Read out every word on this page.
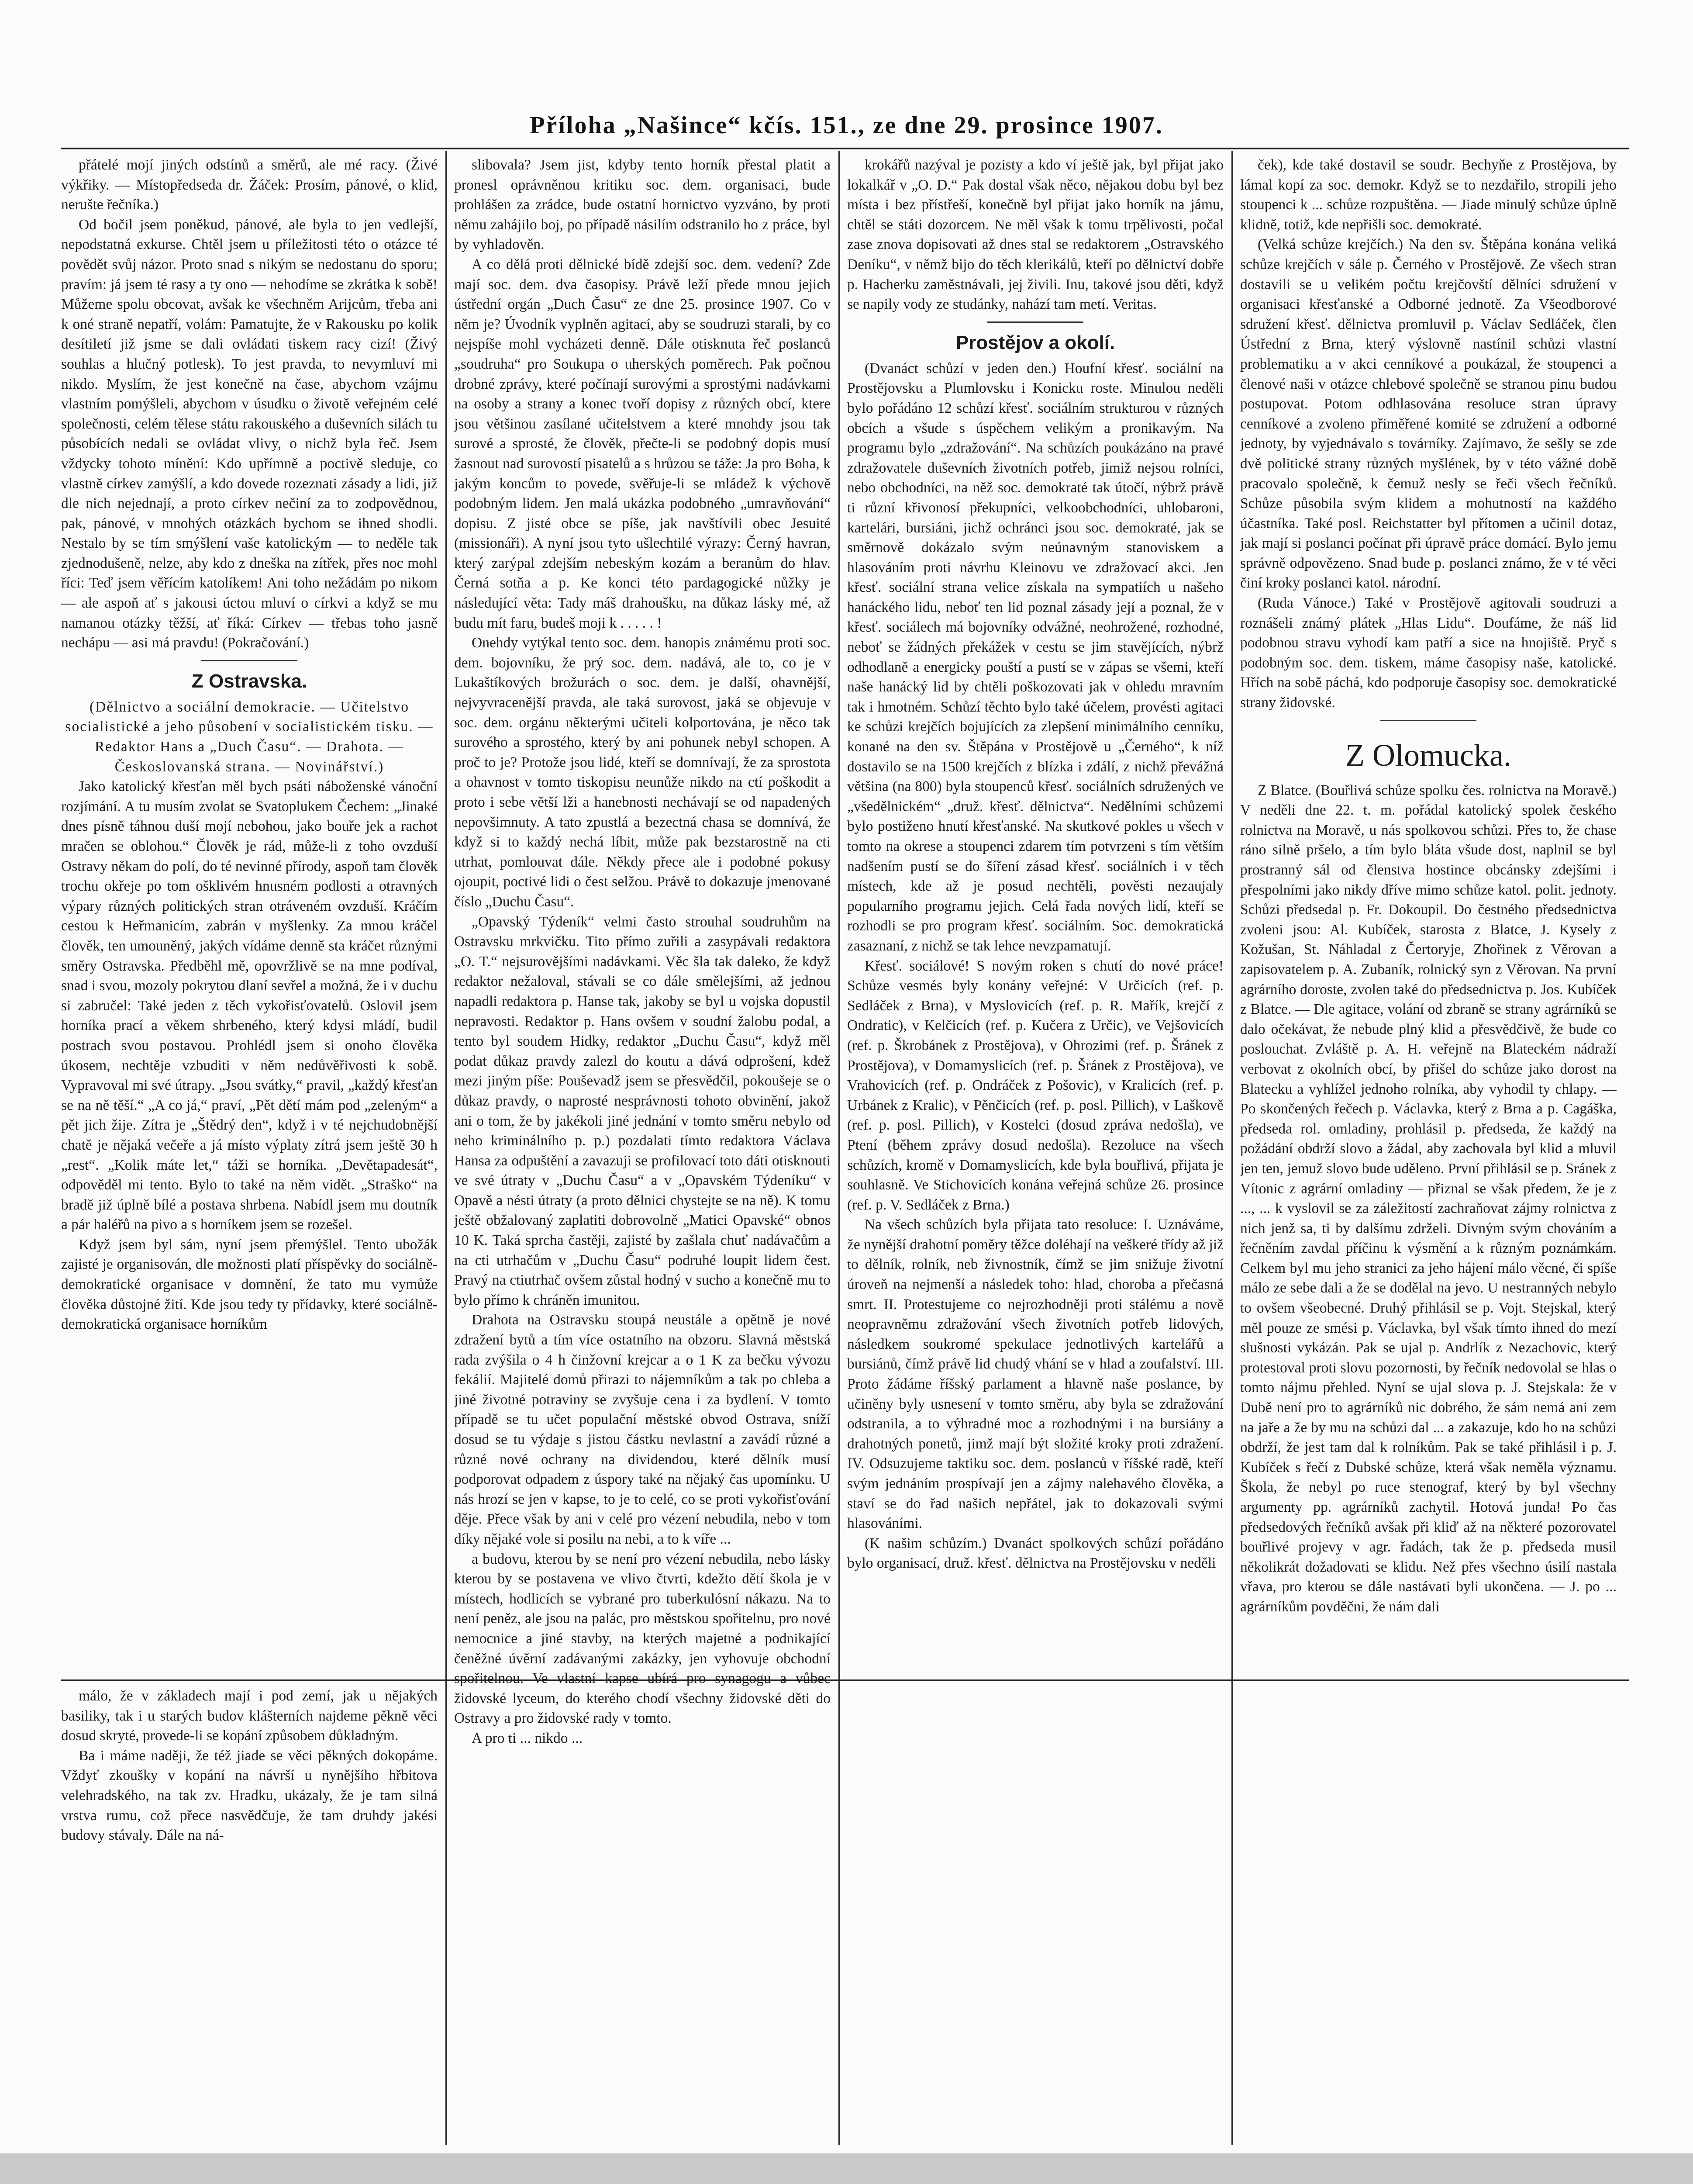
Příloha „Našince“ kčís. 151., ze dne 29. prosince 1907.

přátelé mojí jiných odstínů a směrů, ale mé racy. (Živé výkřiky. — Místopředseda dr. Žáček: Prosím, pánové, o klid, nerušte řečníka.)

Od bočil jsem poněkud, pánové, ale byla to jen vedlejší, nepodstatná exkurse. Chtěl jsem u příležitosti této o otázce té povědět svůj názor. Proto snad s nikým se nedostanu do sporu; pravím: já jsem té rasy a ty ono — nehodíme se zkrátka k sobě! Můžeme spolu obcovat, avšak ke všechněm Arijcům, třeba ani k oné straně nepatří, volám: Pamatujte, že v Rakousku po kolik desítiletí již jsme se dali ovládati tiskem racy cizí! (Živý souhlas a hlučný potlesk). To jest pravda, to nevymluví mi nikdo. Myslím, že jest konečně na čase, abychom vzájmu vlastním pomýšleli, abychom v úsudku o životě veřejném celé společnosti, celém tělese státu rakouského a duševních silách tu působících nedali se ovládat vlivy, o nichž byla řeč. Jsem vždycky tohoto mínění: Kdo upřímně a poctivě sleduje, co vlastně církev zamýšlí, a kdo dovede rozeznati zásady a lidi, již dle nich nejednají, a proto církev nečiní za to zodpovědnou, pak, pánové, v mnohých otázkách bychom se ihned shodli. Nestalo by se tím smýšlení vaše katolickým — to neděle tak zjednodušeně, nelze, aby kdo z dneška na zítřek, přes noc mohl říci: Teď jsem věřícím katolíkem! Ani toho nežádám po nikom — ale aspoň ať s jakousi úctou mluví o církvi a když se mu namanou otázky těžší, ať říká: Církev — třebas toho jasně nechápu — asi má pravdu! (Pokračování.)

Z Ostravska.

(Dělnictvo a sociální demokracie. — Učitelstvo socialistické a jeho působení v socialistickém tisku. — Redaktor Hans a „Duch Času“. — Drahota. — Českoslovanská strana. — Novinářství.)

Jako katolický křesťan měl bych psáti náboženské vánoční rozjímání. A tu musím zvolat se Svatoplukem Čechem: „Jinaké dnes písně táhnou duší mojí nebohou, jako bouře jek a rachot mračen se oblohou.“ Člověk je rád, může-li z toho ovzduší Ostravy někam do polí, do té nevinné přírody, aspoň tam člověk trochu okřeje po tom ošklivém hnusném podlosti a otravných výpary různých politických stran otráveném ovzduší. Kráčím cestou k Heřmanicím, zabrán v myšlenky. Za mnou kráčel člověk, ten umouněný, jakých vídáme denně sta kráčet různými směry Ostravska. Předběhl mě, opovržlivě se na mne podíval, snad i svou, mozoly pokrytou dlaní sevřel a možná, že i v duchu si zabručel: Také jeden z těch vykořisťovatelů. Oslovil jsem horníka prací a věkem shrbeného, který kdysi mládí, budil postrach svou postavou. Prohlédl jsem si onoho člověka úkosem, nechtěje vzbuditi v něm nedůvěřivosti k sobě. Vypravoval mi své útrapy. „Jsou svátky,“ pravil, „každý křesťan se na ně těší.“ „A co já,“ praví, „Pět dětí mám pod „zeleným“ a pět jich žije. Zítra je „Štědrý den“, když i v té nejchudobnější chatě je nějaká večeře a já místo výplaty zítrá jsem ještě 30 h „rest“. „Kolik máte let,“ táži se horníka. „Devětapadesát“, odpověděl mi tento. Bylo to také na něm vidět. „Straško“ na bradě již úplně bílé a postava shrbena. Nabídl jsem mu doutník a pár haléřů na pivo a s horníkem jsem se rozešel.

Když jsem byl sám, nyní jsem přemýšlel. Tento ubožák zajisté je organisován, dle možnosti platí příspěvky do sociálně-demokratické organisace v domnění, že tato mu vymůže člověka důstojné žití. Kde jsou tedy ty přídavky, které sociálně-demokratická organisace horníkům

málo, že v základech mají i pod zemí, jak u nějakých basiliky, tak i u starých budov klášterních najdeme pěkně věci dosud skryté, provede-li se kopání způsobem důkladným.

Ba i máme naději, že též jiade se věci pěkných dokopáme. Vždyť zkoušky v kopání na návrší u nynějšího hřbitova velehradského, na tak zv. Hradku, ukázaly, že je tam silná vrstva rumu, což přece nasvědčuje, že tam druhdy jakési budovy stávaly. Dále na ná-

slibovala? Jsem jist, kdyby tento horník přestal platit a pronesl oprávněnou kritiku soc. dem. organisaci, bude prohlášen za zrádce, bude ostatní hornictvo vyzváno, by proti němu zahájilo boj, po případě násilím odstranilo ho z práce, byl by vyhladověn.

A co dělá proti dělnické bídě zdejší soc. dem. vedení? Zde mají soc. dem. dva časopisy. Právě leží přede mnou jejich ústřední orgán „Duch Času“ ze dne 25. prosince 1907. Co v něm je? Úvodník vyplněn agitací, aby se soudruzi starali, by co nejspíše mohl vycházeti denně. Dále otisknuta řeč poslanců „soudruha“ pro Soukupa o uherských poměrech. Pak počnou drobné zprávy, které počínají surovými a sprostými nadávkami na osoby a strany a konec tvoří dopisy z různých obcí, ktere jsou většinou zasílané učitelstvem a které mnohdy jsou tak surové a sprosté, že člověk, přečte-li se podobný dopis musí žasnout nad surovostí pisatelů a s hrůzou se táže: Ja pro Boha, k jakým koncům to povede, svěřuje-li se mládež k výchově podobným lidem. Jen malá ukázka podobného „umravňování“ dopisu. Z jisté obce se píše, jak navštívili obec Jesuité (missionáři). A nyní jsou tyto ušlechtilé výrazy: Černý havran, který zarýpal zdejším nebeským kozám a beranům do hlav. Černá sotňa a p. Ke konci této pardagogické nůžky je následující věta: Tady máš drahoušku, na důkaz lásky mé, až budu mít faru, budeš moji k . . . . . !

Onehdy vytýkal tento soc. dem. hanopis známému proti soc. dem. bojovníku, že prý soc. dem. nadává, ale to, co je v Lukaštíkových brožurách o soc. dem. je další, ohavnější, nejvyvracenější pravda, ale taká surovost, jaká se objevuje v soc. dem. orgánu některými učiteli kolportována, je něco tak surového a sprostého, který by ani pohunek nebyl schopen. A proč to je? Protože jsou lidé, kteří se domnívají, že za sprostota a ohavnost v tomto tiskopisu neunůže nikdo na ctí poškodit a proto i sebe větší lži a hanebnosti nechávají se od napadených nepovšimnuty. A tato zpustlá a bezectná chasa se domnívá, že když si to každý nechá líbit, může pak bezstarostně na cti utrhat, pomlouvat dále. Někdy přece ale i podobné pokusy ojoupit, poctivé lidi o čest selžou. Právě to dokazuje jmenované číslo „Duchu Času“.

„Opavský Týdeník“ velmi často strouhal soudruhům na Ostravsku mrkvičku. Tito přímo zuřili a zasypávali redaktora „O. T.“ nejsurovějšími nadávkami. Věc šla tak daleko, že když redaktor nežaloval, stávali se co dále smělejšími, až jednou napadli redaktora p. Hanse tak, jakoby se byl u vojska dopustil nepravosti. Redaktor p. Hans ovšem v soudní žalobu podal, a tento byl soudem Hidky, redaktor „Duchu Času“, když měl podat důkaz pravdy zalezl do koutu a dává odprošení, kdež mezi jiným píše: Pouševadž jsem se přesvědčil, pokoušeje se o důkaz pravdy, o naprosté nesprávnosti tohoto obvinění, jakož ani o tom, že by jakékoli jiné jednání v tomto směru nebylo od neho kriminálního p. p.) pozdalati tímto redaktora Václava Hansa za odpuštění a zavazuji se profilovací toto dáti otisknouti ve své útraty v „Duchu Času“ a v „Opavském Týdeníku“ v Opavě a nésti útraty (a proto dělnici chystejte se na ně). K tomu ještě obžalovaný zaplatiti dobrovolně „Matici Opavské“ obnos 10 K. Taká sprcha častěji, zajisté by zašlala chuť nadávačům a na cti utrhačům v „Duchu Času“ podruhé loupit lidem čest. Pravý na ctiutrhač ovšem zůstal hodný v sucho a konečně mu to bylo přímo k chráněn imunitou.

Drahota na Ostravsku stoupá neustále a opětně je nové zdražení bytů a tím více ostatního na obzoru. Slavná městská rada zvýšila o 4 h činžovní krejcar a o 1 K za bečku vývozu fekálií. Majitelé domů přirazi to nájemníkům a tak po chleba a jiné životné potraviny se zvyšuje cena i za bydlení. V tomto případě se tu učet populační městské obvod Ostrava, sníží dosud se tu výdaje s jistou částku nevlastní a zavádí různé a různé nové ochrany na dividendou, které dělník musí podporovat odpadem z úspory také na nějaký čas upomínku. U nás hrozí se jen v kapse, to je to celé, co se proti vykořisťování děje. Přece však by ani v celé pro vézení nebudila, nebo v tom díky nějaké vole si posilu na nebi, a to k víře ...

a budovu, kterou by se není pro vézení nebudila, nebo lásky kterou by se postavena ve vlivo čtvrti, kdežto dětí škola je v místech, hodlicích se vybrané pro tuberkulósní nákazu. Na to není peněz, ale jsou na palác, pro městskou spořitelnu, pro nové nemocnice a jiné stavby, na kterých majetné a podnikající čeněžné úvěrní zadávanými zakázky, jen vyhovuje obchodní spořitelnou. Ve vlastní kapse ubírá pro synagogu a vůbec židovské lyceum, do kterého chodí všechny židovské děti do Ostravy a pro židovské rady v tomto.

A pro ti ... nikdo ...

krokářů nazýval je pozisty a kdo ví ještě jak, byl přijat jako lokalkář v „O. D.“ Pak dostal však něco, nějakou dobu byl bez místa i bez přístřeší, konečně byl přijat jako horník na jámu, chtěl se státi dozorcem. Ne měl však k tomu trpělivosti, počal zase znova dopisovati až dnes stal se redaktorem „Ostravského Deníku“, v němž bijo do těch klerikálů, kteří po dělnictví dobře p. Hacherku zaměstnávali, jej živili. Inu, takové jsou děti, když se napily vody ze studánky, nahází tam metí. Veritas.

Prostějov a okolí.

(Dvanáct schůzí v jeden den.) Houfní křesť. sociální na Prostějovsku a Plumlovsku i Konicku roste. Minulou neděli bylo pořádáno 12 schůzí křesť. sociálním strukturou v různých obcích a všude s úspěchem velikým a pronikavým. Na programu bylo „zdražování“. Na schůzích poukázáno na pravé zdražovatele duševních životních potřeb, jimiž nejsou rolníci, nebo obchodníci, na něž soc. demokraté tak útočí, nýbrž právě ti různí křivonosí překupníci, velkoobchodníci, uhlobaroni, kartelári, bursiáni, jichž ochránci jsou soc. demokraté, jak se směrnově dokázalo svým neúnavným stanoviskem a hlasováním proti návrhu Kleinovu ve zdražovací akci. Jen křesť. sociální strana velice získala na sympatiích u našeho hanáckého lidu, neboť ten lid poznal zásady její a poznal, že v křesť. sociálech má bojovníky odvážné, neohrožené, rozhodné, neboť se žádných překážek v cestu se jim stavějících, nýbrž odhodlaně a energicky pouští a pustí se v zápas se všemi, kteří naše hanácký lid by chtěli poškozovati jak v ohledu mravním tak i hmotném. Schůzí těchto bylo také účelem, provésti agitaci ke schůzi krejčích bojujících za zlepšení minimálního cenníku, konané na den sv. Štěpána v Prostějově u „Černého“, k níž dostavilo se na 1500 krejčích z blízka i zdálí, z nichž převážná většina (na 800) byla stoupenců křesť. sociálních sdružených ve „všedělnickém“ „druž. křesť. dělnictva“. Nedělními schůzemi bylo postiženo hnutí křesťanské. Na skutkové pokles u všech v tomto na okrese a stoupenci zdarem tím potvrzeni s tím větším nadšením pustí se do šíření zásad křesť. sociálních i v těch místech, kde až je posud nechtěli, pověsti nezaujaly popularního programu jejich. Celá řada nových lidí, kteří se rozhodli se pro program křesť. sociálním. Soc. demokratická zasaznaní, z nichž se tak lehce nevzpamatují.

Křesť. sociálové! S novým roken s chutí do nové práce! Schůze vesmés byly konány veřejné: V Určicích (ref. p. Sedláček z Brna), v Myslovicích (ref. p. R. Mařík, krejčí z Ondratic), v Kelčicích (ref. p. Kučera z Určic), ve Vejšovicích (ref. p. Škrobánek z Prostějova), v Ohrozimi (ref. p. Šránek z Prostějova), v Domamyslicích (ref. p. Šránek z Prostějova), ve Vrahovicích (ref. p. Ondráček z Pošovic), v Kralicích (ref. p. Urbánek z Kralic), v Pěnčicích (ref. p. posl. Pillich), v Laškově (ref. p. posl. Pillich), v Kostelci (dosud zpráva nedošla), ve Ptení (během zprávy dosud nedošla). Rezoluce na všech schůzích, kromě v Domamyslicích, kde byla bouřlivá, přijata je souhlasně. Ve Stichovicích konána veřejná schůze 26. prosince (ref. p. V. Sedláček z Brna.)

Na všech schůzích byla přijata tato resoluce: I. Uznáváme, že nynější drahotní poměry těžce doléhají na veškeré třídy až již to dělník, rolník, neb živnostník, čímž se jim snižuje životní úroveň na nejmenší a následek toho: hlad, choroba a přečasná smrt. II. Protestujeme co nejrozhodněji proti stálému a nově neopravněmu zdražování všech životních potřeb lidových, následkem soukromé spekulace jednotlivých kartelářů a bursiánů, čímž právě lid chudý vhání se v hlad a zoufalství. III. Proto žádáme říšský parlament a hlavně naše poslance, by učiněny byly usnesení v tomto směru, aby byla se zdražování odstranila, a to výhradné moc a rozhodnými i na bursiány a drahotných ponetů, jimž mají být složité kroky proti zdražení. IV. Odsuzujeme taktiku soc. dem. poslanců v říšské radě, kteří svým jednáním prospívají jen a zájmy nalehavého člověka, a staví se do řad našich nepřátel, jak to dokazovali svými hlasováními.

(K našim schůzím.) Dvanáct spolkových schůzí pořádáno bylo organisací, druž. křesť. dělnictva na Prostějovsku v neděli

ček), kde také dostavil se soudr. Bechyňe z Prostějova, by lámal kopí za soc. demokr. Když se to nezdařilo, stropili jeho stoupenci k ... schůze rozpuštěna. — Jiade minulý schůze úplně klidně, totiž, kde nepřišli soc. demokraté.

(Velká schůze krejčích.) Na den sv. Štěpána konána veliká schůze krejčích v sále p. Černého v Prostějově. Ze všech stran dostavili se u velikém počtu krejčovští dělníci sdružení v organisaci křesťanské a Odborné jednotě. Za Všeodborové sdružení křesť. dělnictva promluvil p. Václav Sedláček, člen Ústřední z Brna, který výslovně nastínil schůzi vlastní problematiku a v akci cenníkové a poukázal, že stoupenci a členové naši v otázce chlebové společně se stranou pinu budou postupovat. Potom odhlasována resoluce stran úpravy cenníkové a zvoleno přiměřené komité se združení a odborné jednoty, by vyjednávalo s továrníky. Zajímavo, že sešly se zde dvě politické strany různých myšlének, by v této vážné době pracovalo společně, k čemuž nesly se řeči všech řečníků. Schůze působila svým klidem a mohutností na každého účastníka. Také posl. Reichstatter byl přítomen a učinil dotaz, jak mají si poslanci počínat při úpravě práce domácí. Bylo jemu správně odpovězeno. Snad bude p. poslanci známo, že v té věci činí kroky poslanci katol. národní.

(Ruda Vánoce.) Také v Prostějově agitovali soudruzi a roznášeli známý plátek „Hlas Lidu“. Doufáme, že náš lid podobnou stravu vyhodí kam patří a sice na hnojiště. Pryč s podobným soc. dem. tiskem, máme časopisy naše, katolické. Hřích na sobě páchá, kdo podporuje časopisy soc. demokratické strany židovské.

Z Olomucka.

Z Blatce. (Bouřlivá schůze spolku čes. rolnictva na Moravě.) V neděli dne 22. t. m. pořádal katolický spolek českého rolnictva na Moravě, u nás spolkovou schůzi. Přes to, že chase ráno silně pršelo, a tím bylo bláta všude dost, naplnil se byl prostranný sál od členstva hostince obcánsky zdejšími i přespolními jako nikdy dříve mimo schůze katol. polit. jednoty. Schůzi předsedal p. Fr. Dokoupil. Do čestného předsednictva zvoleni jsou: Al. Kubíček, starosta z Blatce, J. Kysely z Kožušan, St. Náhladal z Čertoryje, Zhořinek z Věrovan a zapisovatelem p. A. Zubaník, rolnický syn z Věrovan. Na první agrárního doroste, zvolen také do předsednictva p. Jos. Kubíček z Blatce. — Dle agitace, volání od zbraně se strany agrárníků se dalo očekávat, že nebude plný klid a přesvědčivě, že bude co poslouchat. Zvláště p. A. H. veřejně na Blateckém nádraží verbovat z okolních obcí, by přišel do schůze jako dorost na Blatecku a vyhlížel jednoho rolníka, aby vyhodil ty chlapy. — Po skončených řečech p. Václavka, který z Brna a p. Cagáška, předseda rol. omladiny, prohlásil p. předseda, že každý na požádání obdrží slovo a žádal, aby zachovala byl klid a mluvil jen ten, jemuž slovo bude uděleno. První přihlásil se p. Sránek z Vítonic z agrární omladiny — přiznal se však předem, že je z ..., ... k vyslovil se za záležitostí zachraňovat zájmy rolnictva z nich jenž sa, ti by dalšímu zdrželi. Divným svým chováním a řečněním zavdal příčinu k výsmění a k různým poznámkám. Celkem byl mu jeho stranici za jeho hájení málo věcné, či spíše málo ze sebe dali a že se dodělal na jevo. U nestranných nebylo to ovšem všeobecné. Druhý přihlásil se p. Vojt. Stejskal, který měl pouze ze smési p. Václavka, byl však tímto ihned do mezí slušnosti vykázán. Pak se ujal p. Andrlík z Nezachovic, který protestoval proti slovu pozornosti, by řečník nedovolal se hlas o tomto nájmu přehled. Nyní se ujal slova p. J. Stejskala: že v Dubě není pro to agrárníků nic dobrého, že sám nemá ani zem na jaře a že by mu na schůzi dal ... a zakazuje, kdo ho na schůzi obdrží, že jest tam dal k rolníkům. Pak se také přihlásil i p. J. Kubíček s řečí z Dubské schůze, která však neměla významu. Škola, že nebyl po ruce stenograf, který by byl všechny argumenty pp. agrárníků zachytil. Hotová junda! Po čas předsedových řečníků avšak při kliď až na některé pozorovatel bouřlivé projevy v agr. řadách, tak že p. předseda musil několikrát dožadovati se klidu. Než přes všechno úsilí nastala vřava, pro kterou se dále nastávati byli ukončena. — J. po ... agrárníkům povděčni, že nám dali
